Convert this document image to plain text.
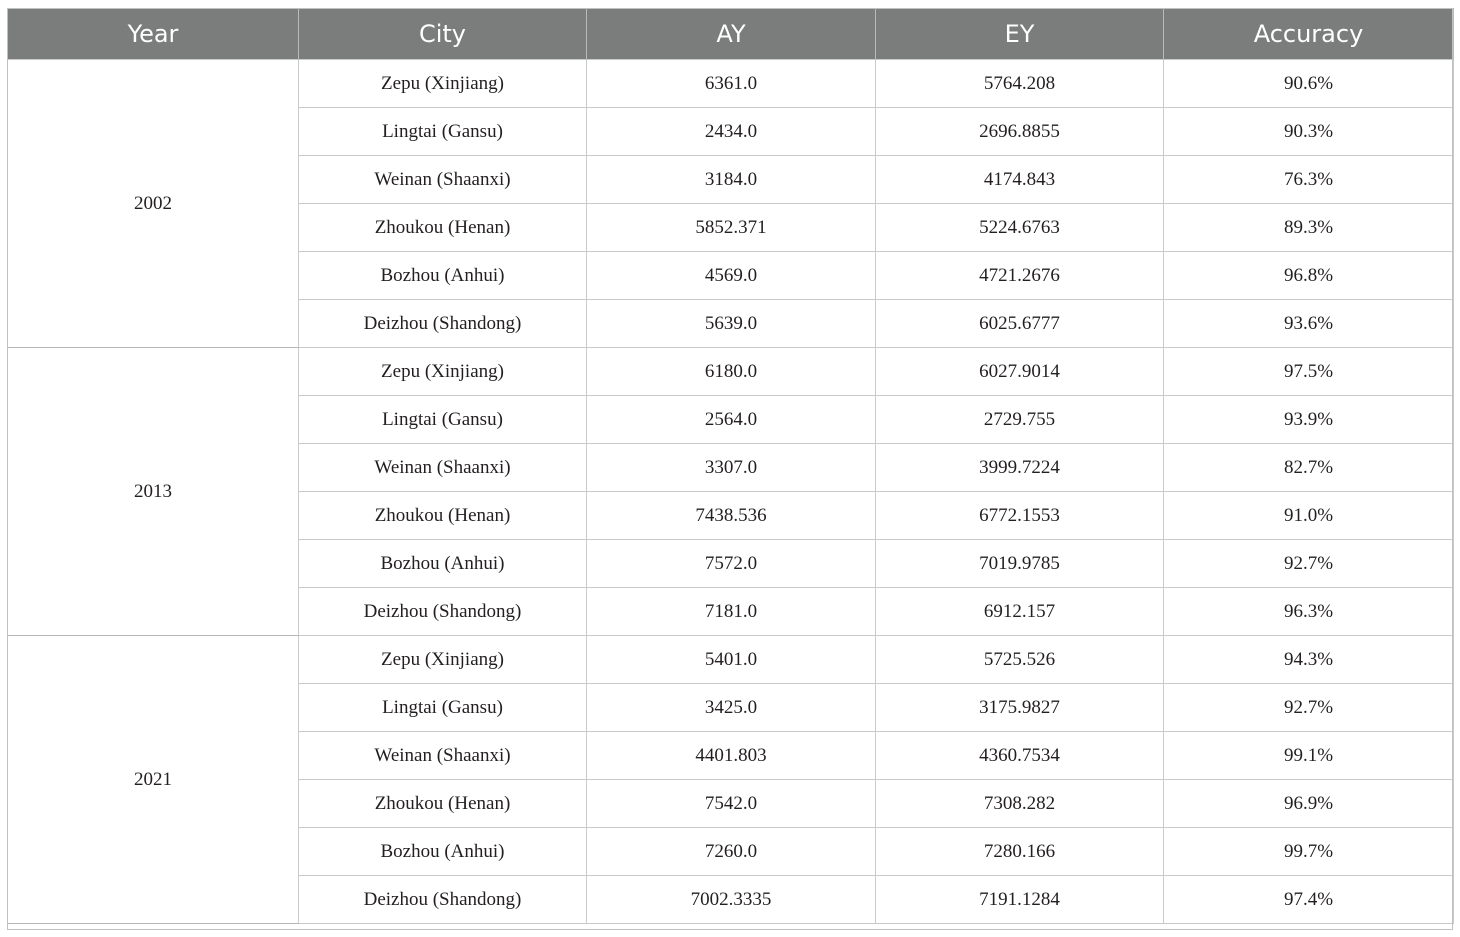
Year	City	AY	EY	Accuracy
2002	Zepu (Xinjiang)	6361.0	5764.208	90.6%
	Lingtai (Gansu)	2434.0	2696.8855	90.3%
	Weinan (Shaanxi)	3184.0	4174.843	76.3%
	Zhoukou (Henan)	5852.371	5224.6763	89.3%
	Bozhou (Anhui)	4569.0	4721.2676	96.8%
	Deizhou (Shandong)	5639.0	6025.6777	93.6%
2013	Zepu (Xinjiang)	6180.0	6027.9014	97.5%
	Lingtai (Gansu)	2564.0	2729.755	93.9%
	Weinan (Shaanxi)	3307.0	3999.7224	82.7%
	Zhoukou (Henan)	7438.536	6772.1553	91.0%
	Bozhou (Anhui)	7572.0	7019.9785	92.7%
	Deizhou (Shandong)	7181.0	6912.157	96.3%
2021	Zepu (Xinjiang)	5401.0	5725.526	94.3%
	Lingtai (Gansu)	3425.0	3175.9827	92.7%
	Weinan (Shaanxi)	4401.803	4360.7534	99.1%
	Zhoukou (Henan)	7542.0	7308.282	96.9%
	Bozhou (Anhui)	7260.0	7280.166	99.7%
	Deizhou (Shandong)	7002.3335	7191.1284	97.4%
